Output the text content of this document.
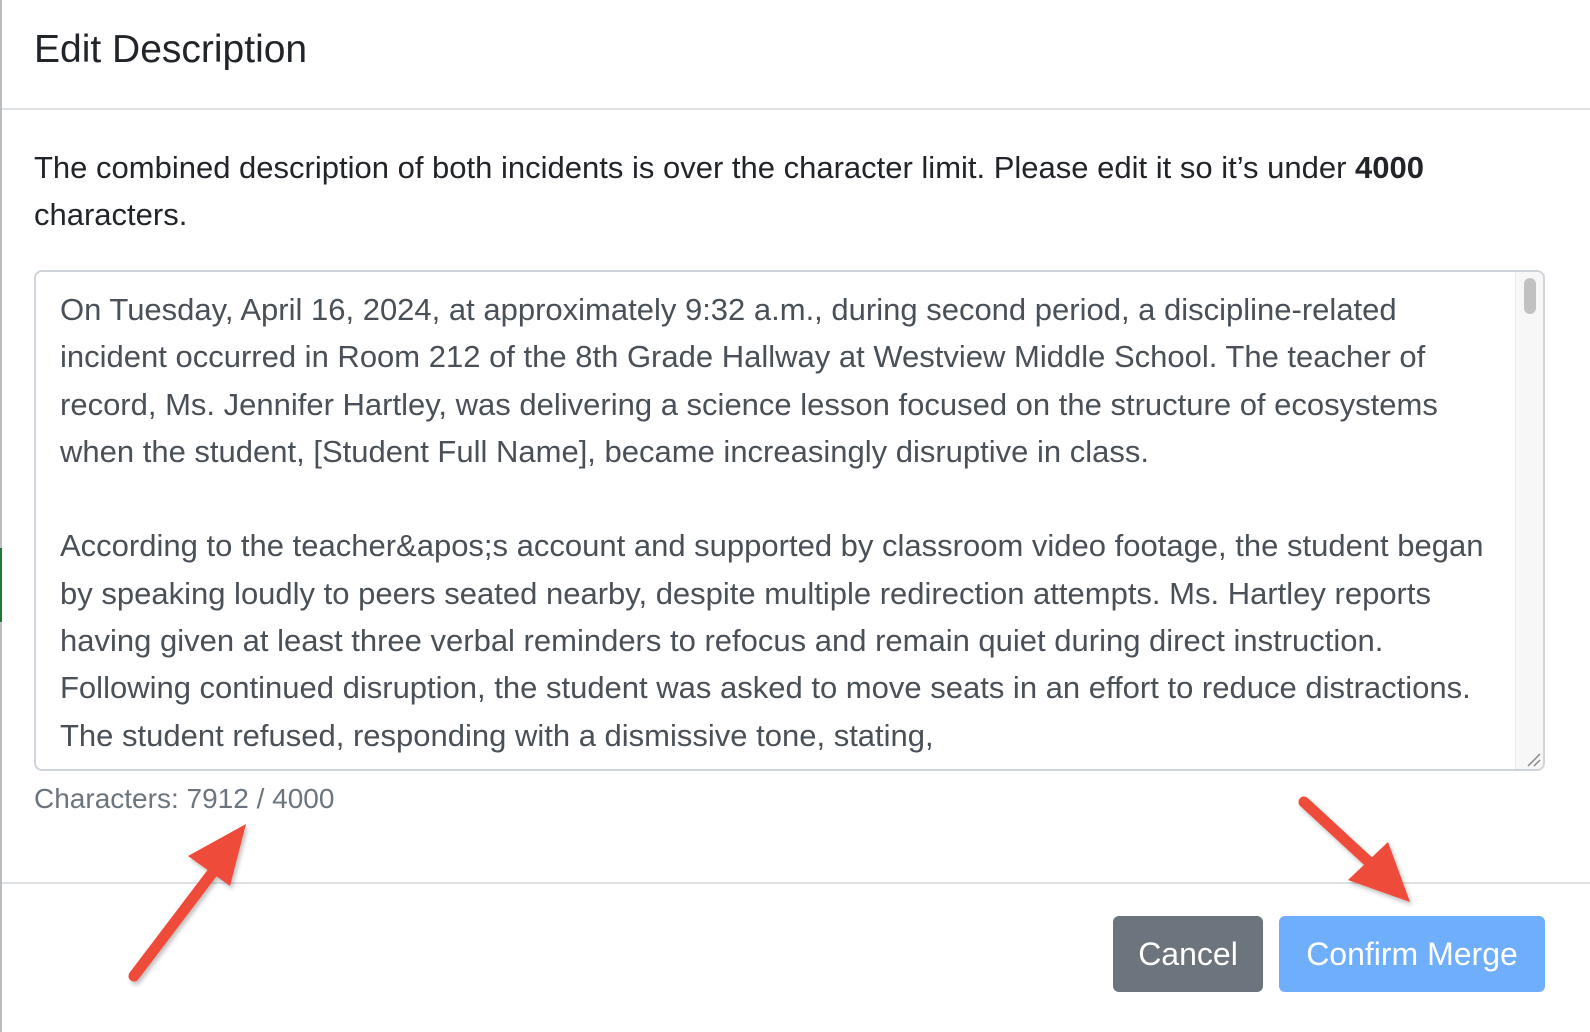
Edit Description

The combined description of both incidents is over the character limit. Please edit it so it’s under 4000 characters.

On Tuesday, April 16, 2024, at approximately 9:32 a.m., during second period, a discipline-related incident occurred in Room 212 of the 8th Grade Hallway at Westview Middle School. The teacher of record, Ms. Jennifer Hartley, was delivering a science lesson focused on the structure of ecosystems when the student, [Student Full Name], became increasingly disruptive in class.

According to the teacher&apos;s account and supported by classroom video footage, the student began by speaking loudly to peers seated nearby, despite multiple redirection attempts. Ms. Hartley reports having given at least three verbal reminders to refocus and remain quiet during direct instruction. Following continued disruption, the student was asked to move seats in an effort to reduce distractions. The student refused, responding with a dismissive tone, stating,

Characters: 7912 / 4000

Cancel	Confirm Merge
